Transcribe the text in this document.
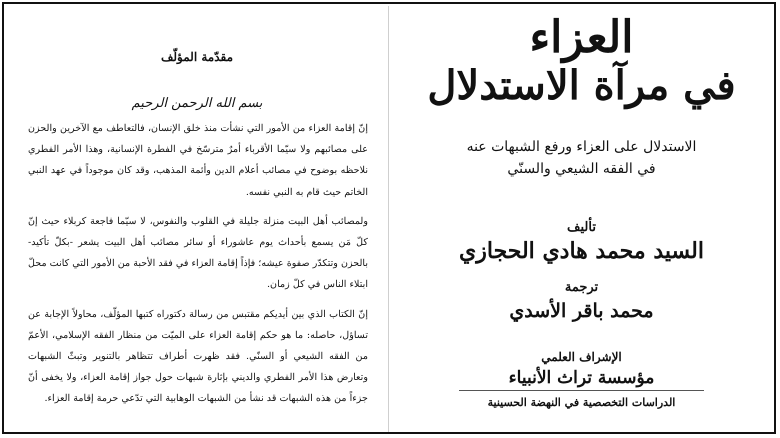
مقدّمة المؤلّف
بسم الله الرحمن الرحيم

إنّ إقامة العزاء من الأمور التي نشأت منذ خلق الإنسان، فالتعاطف مع الآخرين والحزن على مصائبهم ولا سيّما الأقرباء أمرٌ مترسّخ في الفطرة الإنسانية، وهذا الأمر الفطري نلاحظه بوضوح في مصائب أعلام الدين وأئمة المذهب، وقد كان موجوداً في عهد النبي الخاتم حيث قام به النبي نفسه.

ولمصائب أهل البيت منزلة جليلة في القلوب والنفوس، لا سيّما فاجعة كربلاء حيث إنّ كلّ مَن يسمع بأحداث يوم عاشوراء أو سائر مصائب أهل البيت يشعر -بكلّ تأكيد- بالحزن وتتكدّر صفوة عيشه؛ فإذاً إقامة العزاء في فقد الأحبة من الأمور التي كانت محلّ ابتلاء الناس في كلّ زمان.

إنّ الكتاب الذي بين أيديكم مقتبس من رسالة دكتوراه كتبها المؤلّف، محاولاً الإجابة عن تساؤل، حاصله: ما هو حكم إقامة العزاء على الميّت من منظار الفقه الإسلامي، الأعمّ من الفقه الشيعي أو السنّي. فقد ظهرت أطراف تتظاهر بالتنوير وتبثّ الشبهات وتعارض هذا الأمر الفطري والديني بإثارة شبهات حول جواز إقامة العزاء، ولا يخفى أنّ جزءاً من هذه الشبهات قد نشأ من الشبهات الوهابية التي تدّعي حرمة إقامة العزاء.

العزاء
في مرآة الاستدلال
الاستدلال على العزاء ورفع الشبهات عنه
في الفقه الشيعي والسنّي
تأليف
السيد محمد هادي الحجازي
ترجمة
محمد باقر الأسدي
الإشراف العلمي
مؤسسة تراث الأنبياء
الدراسات التخصصية في النهضة الحسينية
